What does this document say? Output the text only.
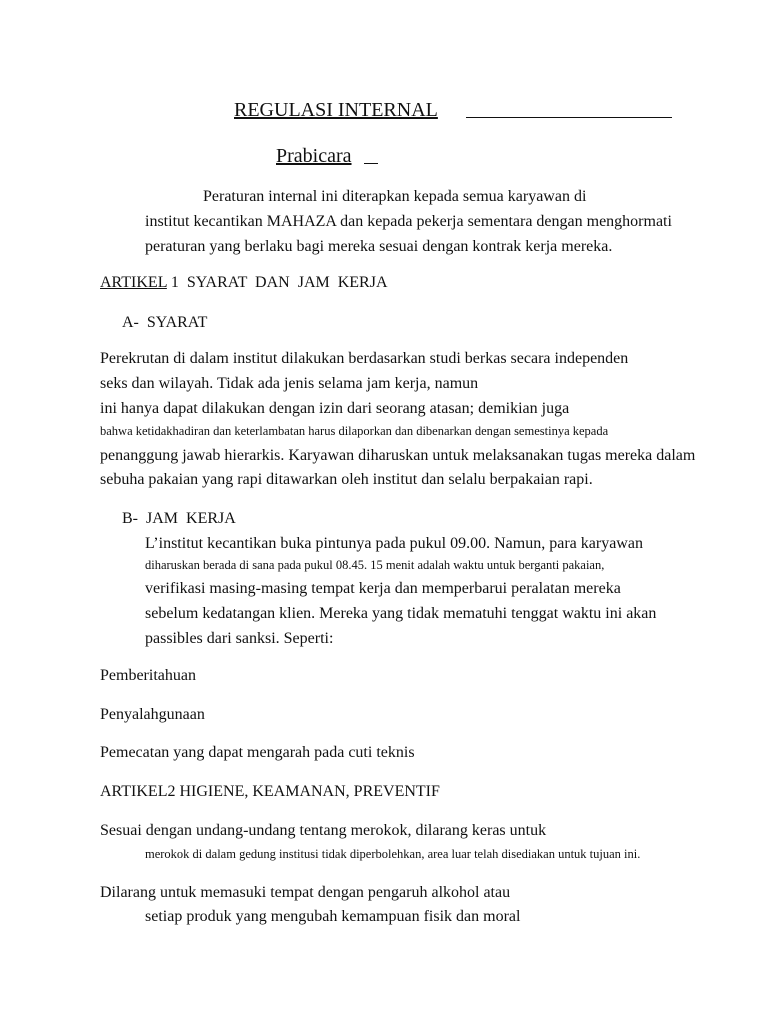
REGULASI INTERNAL
Prabicara
Peraturan internal ini diterapkan kepada semua karyawan di
institut kecantikan MAHAZA dan kepada pekerja sementara dengan menghormati
peraturan yang berlaku bagi mereka sesuai dengan kontrak kerja mereka.
ARTIKEL 1  SYARAT  DAN  JAM  KERJA
A-  SYARAT
Perekrutan di dalam institut dilakukan berdasarkan studi berkas secara independen
seks dan wilayah. Tidak ada jenis selama jam kerja, namun
ini hanya dapat dilakukan dengan izin dari seorang atasan; demikian juga
bahwa ketidakhadiran dan keterlambatan harus dilaporkan dan dibenarkan dengan semestinya kepada
penanggung jawab hierarkis. Karyawan diharuskan untuk melaksanakan tugas mereka dalam
sebuha pakaian yang rapi ditawarkan oleh institut dan selalu berpakaian rapi.
B-  JAM  KERJA
L’institut kecantikan buka pintunya pada pukul 09.00. Namun, para karyawan
diharuskan berada di sana pada pukul 08.45. 15 menit adalah waktu untuk berganti pakaian,
verifikasi masing-masing tempat kerja dan memperbarui peralatan mereka
sebelum kedatangan klien. Mereka yang tidak mematuhi tenggat waktu ini akan
passibles dari sanksi. Seperti:
Pemberitahuan
Penyalahgunaan
Pemecatan yang dapat mengarah pada cuti teknis
ARTIKEL2 HIGIENE, KEAMANAN, PREVENTIF
Sesuai dengan undang-undang tentang merokok, dilarang keras untuk
merokok di dalam gedung institusi tidak diperbolehkan, area luar telah disediakan untuk tujuan ini.
Dilarang untuk memasuki tempat dengan pengaruh alkohol atau
setiap produk yang mengubah kemampuan fisik dan moral
